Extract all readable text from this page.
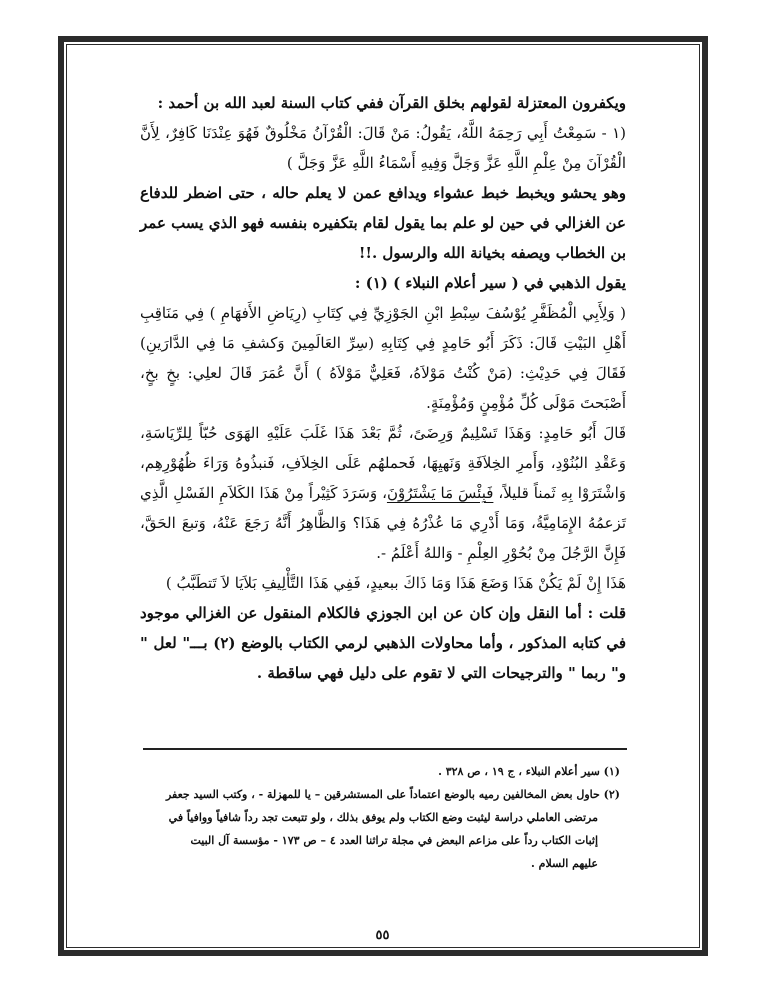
ويكفرون المعتزلة لقولهم بخلق القرآن ففي كتاب السنة لعبد الله بن أحمد :

(١ - سَمِعْتُ أَبِي رَحِمَهُ اللَّهُ، يَقُولُ: مَنْ قَالَ: الْقُرْآنُ مَخْلُوقٌ فَهُوَ عِنْدَنَا كَافِرٌ، لِأَنَّ الْقُرْآنَ مِنْ عِلْمِ اللَّهِ عَزَّ وَجَلَّ وَفِيهِ أَسْمَاءُ اللَّهِ عَزَّ وَجَلَّ )

وهو يحشو ويخبط خبط عشواء ويدافع عمن لا يعلم حاله ، حتى اضطر للدفاع عن الغزالي في حين لو علم بما يقول لقام بتكفيره بنفسه فهو الذي يسب عمر بن الخطاب ويصفه بخيانة الله والرسول .!!

يقول الذهبي في ( سير أعلام النبلاء ) (١) :

( وَلِأَبِي الْمُظَفَّرِ يُوْسُفَ سِبْطِ ابْنِ الجَوْزِيِّ فِي كِتَابِ (رِيَاضِ الأَفهَامِ ) فِي مَنَاقِبِ أَهْلِ البَيْتِ قَالَ: ذَكَرَ أَبُو حَامِدٍ فِي كِتَابِهِ (سِرِّ العَالَمِينَ وَكشفِ مَا فِي الدَّارَينِ) فَقَالَ فِي حَدِيْثِ: (مَنْ كُنْتُ مَوْلاَهُ، فَعَلِيٌّ مَوْلاَهُ ) أَنَّ عُمَرَ قَالَ لعلِي: بخٍ بخٍ، أَصْبَحتَ مَوْلَى كُلِّ مُؤْمِنٍ وَمُؤْمِنَةٍ.

قَالَ أَبُو حَامِدٍ: وَهَذَا تَسْلِيمٌ وَرِضَىً، ثُمَّ بَعْدَ هَذَا غَلَبَ عَلَيْهِ الهَوَى حُبّاً لِلرِّيَاسَةِ، وَعَقْدِ البُنُوْدِ، وَأَمرِ الخِلاَفَةِ وَنَهيِهَا، فَحملهُم عَلَى الخِلاَفِ، فَنبذُوهُ وَرَاءَ ظُهُوْرِهِم، وَاشْتَرَوْا بِهِ ثَمناً قليلاً، فَبِئْسَ مَا يَشْتَرُوْنَ، وَسَرَدَ كَثِيْراً مِنْ هَذَا الكَلاَمِ الفَسْلِ الَّذِي تَزعمُهُ الإِمَامِيَّةُ، وَمَا أَدْرِي مَا عُذْرُهُ فِي هَذَا؟ وَالظَّاهِرُ أَنَّهُ رَجَعَ عَنْهُ، وَتبعَ الحَقَّ، فَإِنَّ الرَّجُلَ مِنْ بُحُوْرِ العِلْمِ - وَاللهُ أَعْلَمُ -.

هَذَا إِنْ لَمْ يَكُنْ هَذَا وَضَعَ هَذَا وَمَا ذَاكَ ببعيدٍ، فَفِي هَذَا التَّأْلِيفِ بَلاَيَا لاَ تَتطَبَّبُ )

قلت : أما النقل وإن كان عن ابن الجوزي فالكلام المنقول عن الغزالي موجود في كتابه المذكور ، وأما محاولات الذهبي لرمي الكتاب بالوضع (٢) بـــ" لعل " و" ربما " والترجيحات التي لا تقوم على دليل فهي ساقطة .

(١) سير أعلام النبلاء ، ج ١٩ ، ص ٣٢٨ .

(٢) حاول بعض المخالفين رميه بالوضع اعتماداً على المستشرقين – يا للمهزلة - ، وكتب السيد جعفر

مرتضى العاملي دراسة ليثبت وضع الكتاب ولم يوفق بذلك ، ولو تتبعت تجد رداً شافياً ووافياً في

إثبات الكتاب رداً على مزاعم البعض في مجلة تراثنا العدد ٤ – ص ١٧٣ - مؤسسة آل البيت

عليهم السلام .

٥٥
